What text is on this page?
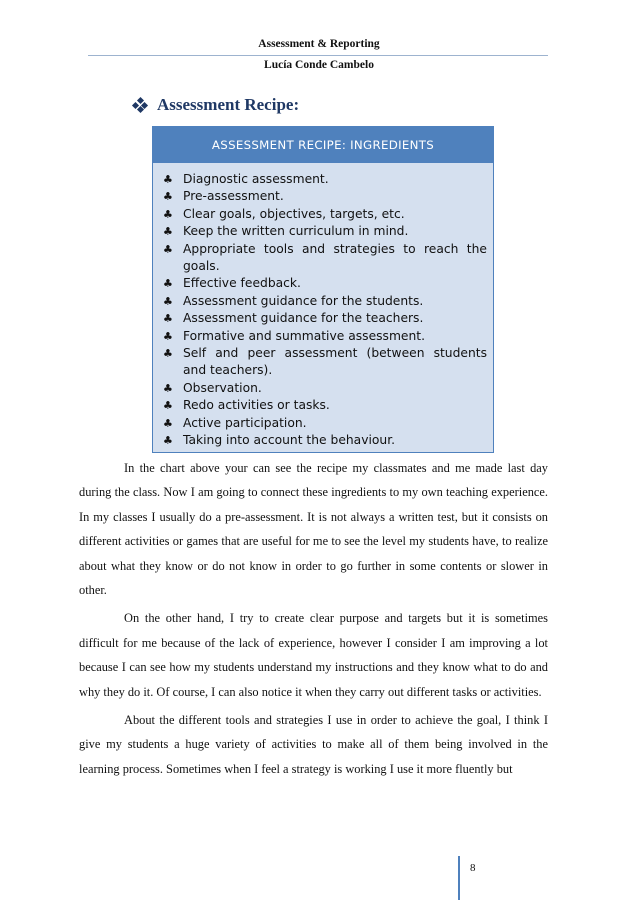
Assessment & Reporting
Lucía Conde Cambelo
Assessment Recipe:
ASSESSMENT RECIPE: INGREDIENTS
♣ Diagnostic assessment.
♣ Pre-assessment.
♣ Clear goals, objectives, targets, etc.
♣ Keep the written curriculum in mind.
♣ Appropriate tools and strategies to reach the goals.
♣ Effective feedback.
♣ Assessment guidance for the students.
♣ Assessment guidance for the teachers.
♣ Formative and summative assessment.
♣ Self and peer assessment (between students and teachers).
♣ Observation.
♣ Redo activities or tasks.
♣ Active participation.
♣ Taking into account the behaviour.

In the chart above your can see the recipe my classmates and me made last day during the class. Now I am going to connect these ingredients to my own teaching experience. In my classes I usually do a pre-assessment. It is not always a written test, but it consists on different activities or games that are useful for me to see the level my students have, to realize about what they know or do not know in order to go further in some contents or slower in other.

On the other hand, I try to create clear purpose and targets but it is sometimes difficult for me because of the lack of experience, however I consider I am improving a lot because I can see how my students understand my instructions and they know what to do and why they do it. Of course, I can also notice it when they carry out different tasks or activities.

About the different tools and strategies I use in order to achieve the goal, I think I give my students a huge variety of activities to make all of them being involved in the learning process. Sometimes when I feel a strategy is working I use it more fluently but

8
